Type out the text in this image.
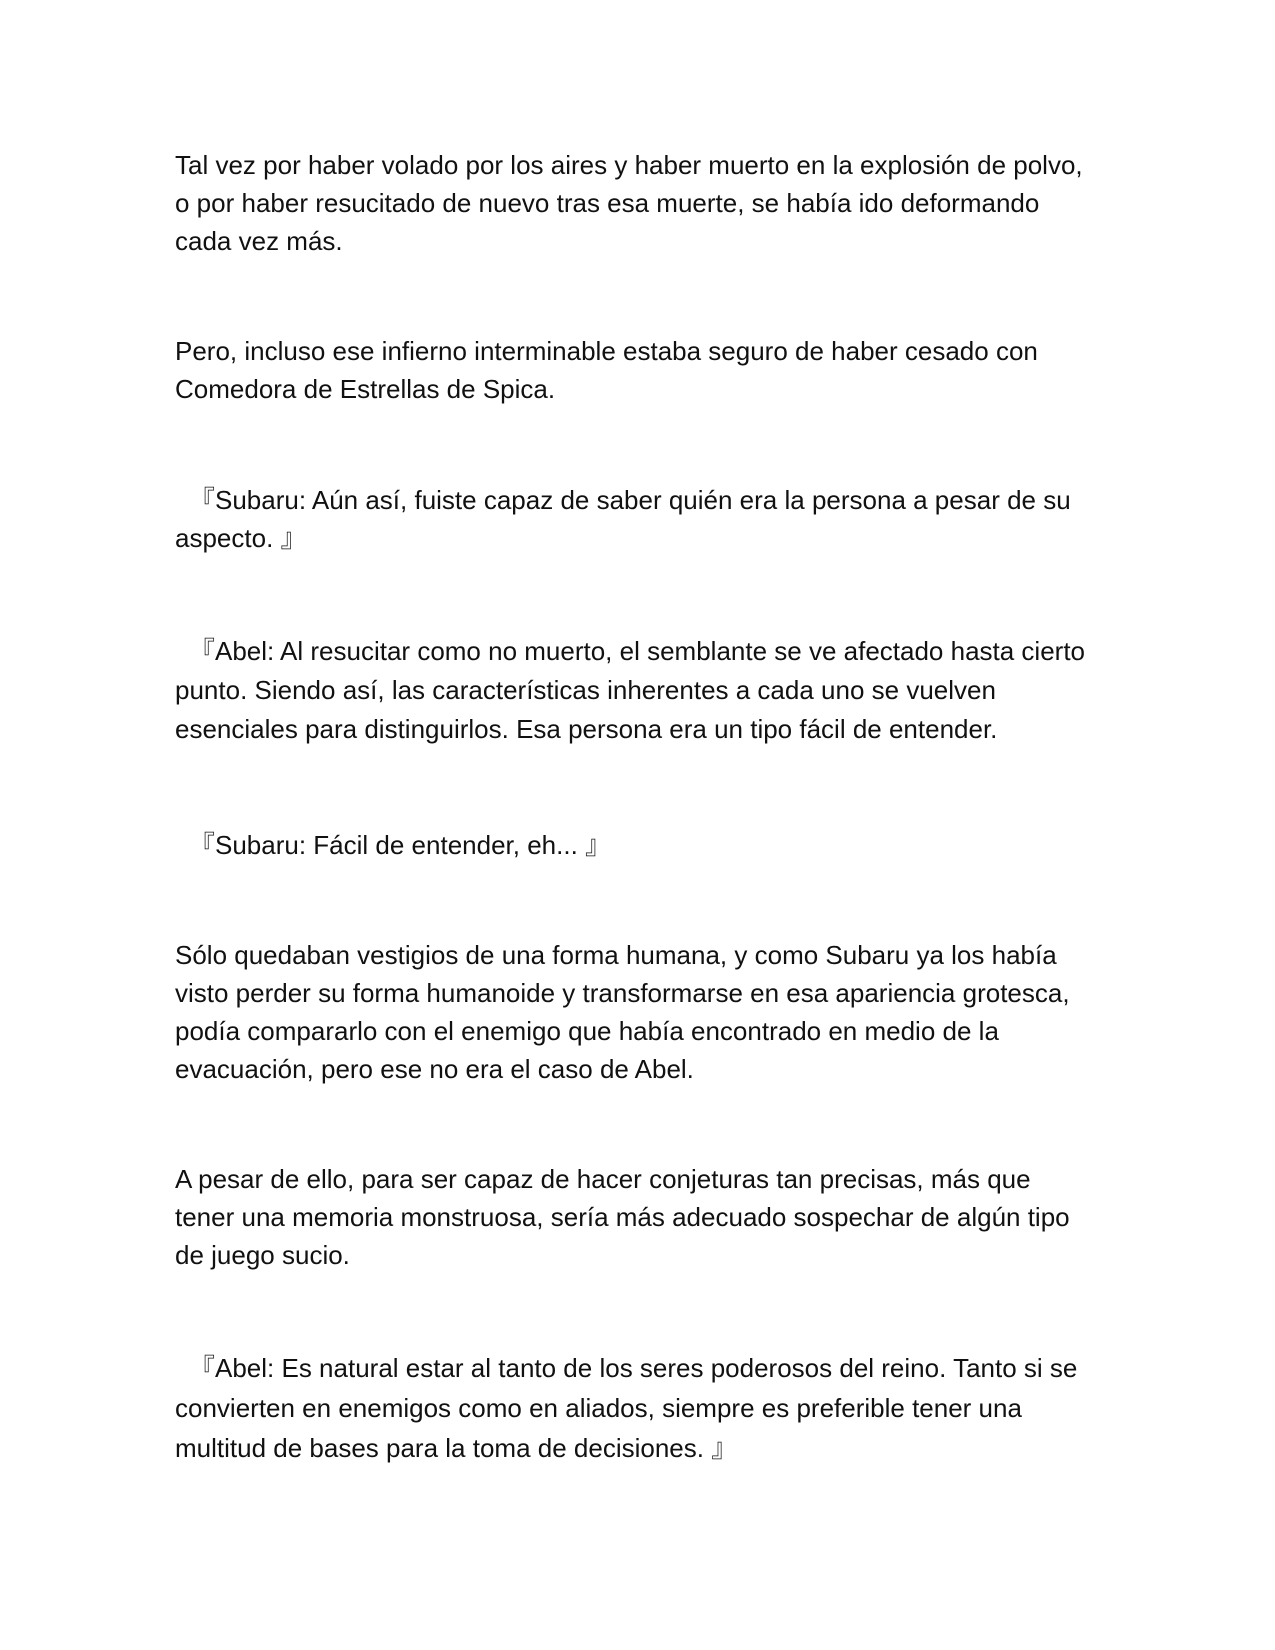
Tal vez por haber volado por los aires y haber muerto en la explosión de polvo, o por haber resucitado de nuevo tras esa muerte, se había ido deformando cada vez más.

Pero, incluso ese infierno interminable estaba seguro de haber cesado con Comedora de Estrellas de Spica.

『Subaru: Aún así, fuiste capaz de saber quién era la persona a pesar de su aspecto. 』

『Abel: Al resucitar como no muerto, el semblante se ve afectado hasta cierto punto. Siendo así, las características inherentes a cada uno se vuelven esenciales para distinguirlos. Esa persona era un tipo fácil de entender.

『Subaru: Fácil de entender, eh... 』

Sólo quedaban vestigios de una forma humana, y como Subaru ya los había visto perder su forma humanoide y transformarse en esa apariencia grotesca, podía compararlo con el enemigo que había encontrado en medio de la evacuación, pero ese no era el caso de Abel.

A pesar de ello, para ser capaz de hacer conjeturas tan precisas, más que tener una memoria monstruosa, sería más adecuado sospechar de algún tipo de juego sucio.

『Abel: Es natural estar al tanto de los seres poderosos del reino. Tanto si se convierten en enemigos como en aliados, siempre es preferible tener una multitud de bases para la toma de decisiones. 』
